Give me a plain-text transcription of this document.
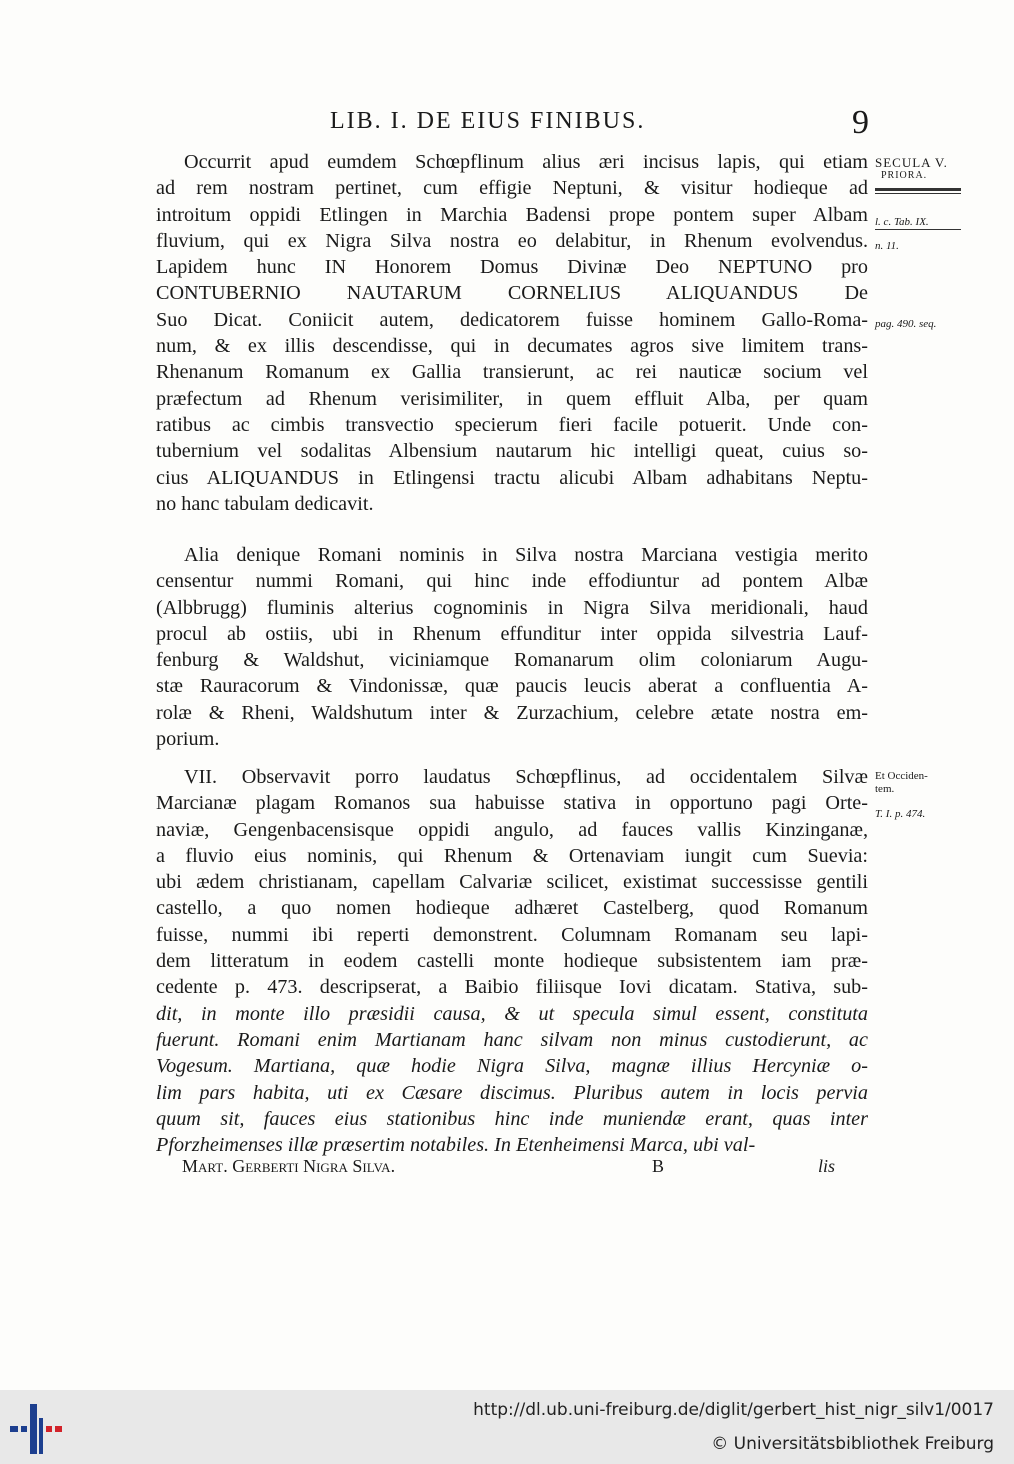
LIB. I. DE EIUS FINIBUS.	9
Occurrit apud eumdem Schœpflinum alius æri incisus lapis, qui etiam
ad rem nostram pertinet, cum effigie Neptuni, & visitur hodieque ad
introitum oppidi Etlingen in Marchia Badensi prope pontem super Albam
fluvium, qui ex Nigra Silva nostra eo delabitur, in Rhenum evolvendus.
Lapidem hunc IN Honorem Domus Divinæ Deo NEPTUNO pro
CONTUBERNIO NAUTARUM CORNELIUS ALIQUANDUS De
Suo Dicat. Coniicit autem, dedicatorem fuisse hominem Gallo-Roma-
num, & ex illis descendisse, qui in decumates agros sive limitem trans-
Rhenanum Romanum ex Gallia transierunt, ac rei nauticæ socium vel
præfectum ad Rhenum verisimiliter, in quem effluit Alba, per quam
ratibus ac cimbis transvectio specierum fieri facile potuerit. Unde con-
tubernium vel sodalitas Albensium nautarum hic intelligi queat, cuius so-
cius ALIQUANDUS in Etlingensi tractu alicubi Albam adhabitans Neptu-
no hanc tabulam dedicavit.
Alia denique Romani nominis in Silva nostra Marciana vestigia merito
censentur nummi Romani, qui hinc inde effodiuntur ad pontem Albæ
(Albbrugg) fluminis alterius cognominis in Nigra Silva meridionali, haud
procul ab ostiis, ubi in Rhenum effunditur inter oppida silvestria Lauf-
fenburg & Waldshut, viciniamque Romanarum olim coloniarum Augu-
stæ Rauracorum & Vindonissæ, quæ paucis leucis aberat a confluentia A-
rolæ & Rheni, Waldshutum inter & Zurzachium, celebre ætate nostra em-
porium.
VII. Observavit porro laudatus Schœpflinus, ad occidentalem Silvæ
Marcianæ plagam Romanos sua habuisse stativa in opportuno pagi Orte-
naviæ, Gengenbacensisque oppidi angulo, ad fauces vallis Kinzinganæ,
a fluvio eius nominis, qui Rhenum & Ortenaviam iungit cum Suevia:
ubi ædem christianam, capellam Calvariæ scilicet, existimat successisse gentili
castello, a quo nomen hodieque adhæret Castelberg, quod Romanum
fuisse, nummi ibi reperti demonstrent. Columnam Romanam seu lapi-
dem litteratum in eodem castelli monte hodieque subsistentem iam præ-
cedente p. 473. descripserat, a Baibio filiisque Iovi dicatam. Stativa, sub-
dit, in monte illo præsidii causa, & ut specula simul essent, constituta
fuerunt. Romani enim Martianam hanc silvam non minus custodierunt, ac
Vogesum. Martiana, quæ hodie Nigra Silva, magnæ illius Hercyniæ o-
lim pars habita, uti ex Cæsare discimus. Pluribus autem in locis pervia
quum sit, fauces eius stationibus hinc inde muniendæ erant, quas inter
Pforzheimenses illæ præsertim notabiles. In Etenheimensi Marca, ubi val-
SECULA V.
PRIORA.
l. c. Tab. IX.
n. 11.
pag. 490. seq.
Et Occiden-
tem.
T. I. p. 474.
Mart. Gerberti Nigra Silva.	B	lis
http://dl.ub.uni-freiburg.de/diglit/gerbert_hist_nigr_silv1/0017
© Universitätsbibliothek Freiburg
